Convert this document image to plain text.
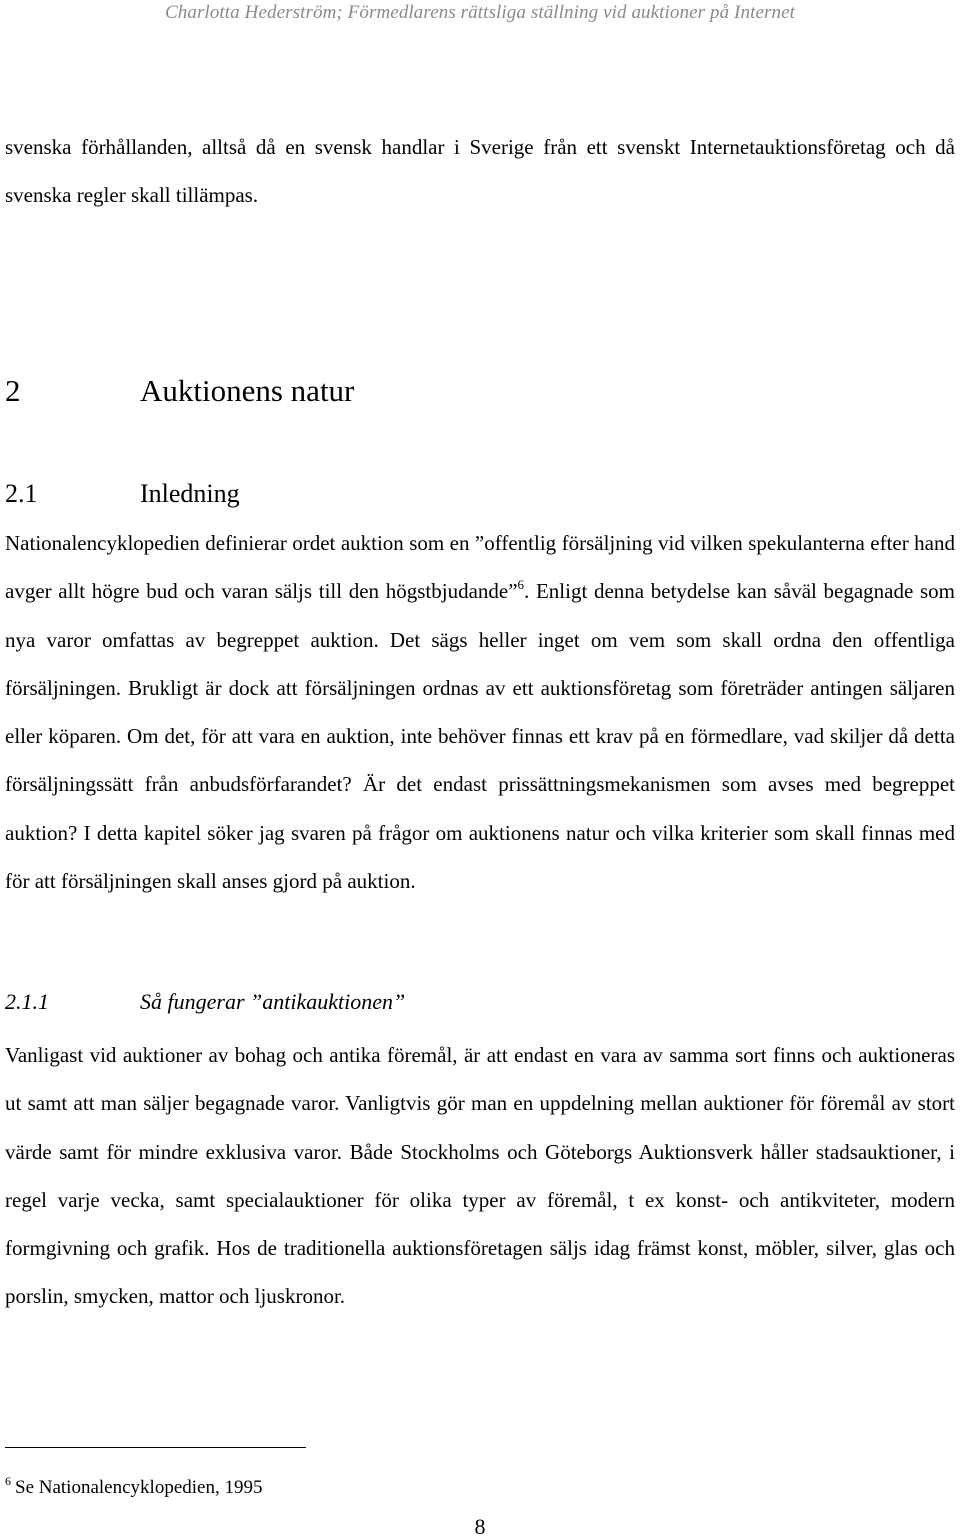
Charlotta Hederström; Förmedlarens rättsliga ställning vid auktioner på Internet

svenska förhållanden, alltså då en svensk handlar i Sverige från ett svenskt Internetauktionsföretag och då svenska regler skall tillämpas.

2	Auktionens natur
2.1	Inledning

Nationalencyklopedien definierar ordet auktion som en ”offentlig försäljning vid vilken spekulanterna efter hand avger allt högre bud och varan säljs till den högstbjudande”$^6$. Enligt denna betydelse kan såväl begagnade som nya varor omfattas av begreppet auktion. Det sägs heller inget om vem som skall ordna den offentliga försäljningen. Brukligt är dock att försäljningen ordnas av ett auktionsföretag som företräder antingen säljaren eller köparen. Om det, för att vara en auktion, inte behöver finnas ett krav på en förmedlare, vad skiljer då detta försäljningssätt från anbudsförfarandet? Är det endast prissättningsmekanismen som avses med begreppet auktion? I detta kapitel söker jag svaren på frågor om auktionens natur och vilka kriterier som skall finnas med för att försäljningen skall anses gjord på auktion.

2.1.1	Så fungerar ”antikauktionen”

Vanligast vid auktioner av bohag och antika föremål, är att endast en vara av samma sort finns och auktioneras ut samt att man säljer begagnade varor. Vanligtvis gör man en uppdelning mellan auktioner för föremål av stort värde samt för mindre exklusiva varor. Både Stockholms och Göteborgs Auktionsverk håller stadsauktioner, i regel varje vecka, samt specialauktioner för olika typer av föremål, t ex konst- och antikviteter, modern formgivning och grafik. Hos de traditionella auktionsföretagen säljs idag främst konst, möbler, silver, glas och porslin, smycken, mattor och ljuskronor.

$^6$ Se Nationalencyklopedien, 1995
8
